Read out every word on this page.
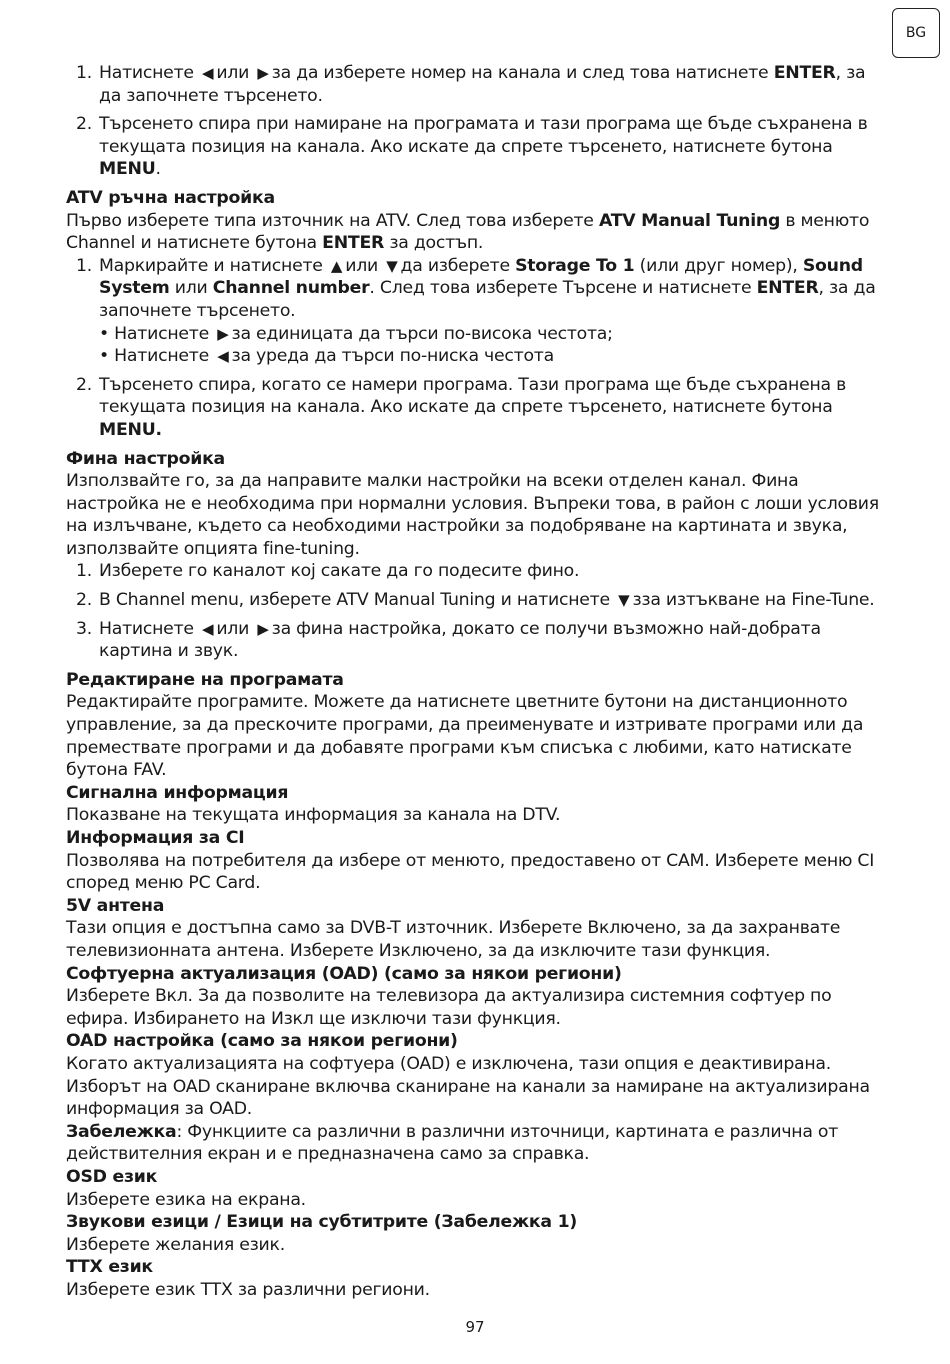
BG
1. Натиснете ◀ или ▶ за да изберете номер на канала и след това натиснете ENTER, за да започнете търсенето.
2. Търсенето спира при намиране на програмата и тази програма ще бъде съхранена в текущата позиция на канала. Ако искате да спрете търсенето, натиснете бутона MENU.

ATV ръчна настройка

Първо изберете типа източник на ATV. След това изберете ATV Manual Tuning в менюто Channel и натиснете бутона ENTER за достъп.

1. Маркирайте и натиснете ▲ или ▼ да изберете Storage To 1 (или друг номер), Sound System или Channel number. След това изберете Търсене и натиснете ENTER, за да започнете търсенето.
• Натиснете ▶ за единицата да търси по-висока честота;
• Натиснете ◀ за уреда да търси по-ниска честота
2. Търсенето спира, когато се намери програма. Тази програма ще бъде съхранена в текущата позиция на канала. Ако искате да спрете търсенето, натиснете бутона MENU.

Фина настройка

Използвайте го, за да направите малки настройки на всеки отделен канал. Фина настройка не е необходима при нормални условия. Въпреки това, в район с лоши условия на излъчване, където са необходими настройки за подобряване на картината и звука, използвайте опцията fine-tuning.

1. Изберете го каналот кој сакате да го подесите фино.
2. В Channel menu, изберете ATV Manual Tuning и натиснете ▼ зза изтъкване на Fine-Tune.
3. Натиснете ◀ или ▶ за фина настройка, докато се получи възможно най-добрата картина и звук.

Редактиране на програмата

Редактирайте програмите. Можете да натиснете цветните бутони на дистанционното управление, за да прескочите програми, да преименувате и изтривате програми или да премествате програми и да добавяте програми към списъка с любими, като натискате бутона FAV.

Сигнална информация

Показване на текущата информация за канала на DTV.

Информация за CI

Позволява на потребителя да избере от менюто, предоставено от CAM. Изберете меню CI според меню PC Card.

5V антена

Тази опция е достъпна само за DVB-T източник. Изберете Включено, за да захранвате телевизионната антена. Изберете Изключено, за да изключите тази функция.

Софтуерна актуализация (OAD) (само за някои региони)

Изберете Вкл. За да позволите на телевизора да актуализира системния софтуер по ефира. Избирането на Изкл ще изключи тази функция.

OAD настройка (само за някои региони)

Когато актуализацията на софтуера (OAD) е изключена, тази опция е деактивирана. Изборът на OAD сканиране включва сканиране на канали за намиране на актуализирана информация за OAD.

Забележка: Функциите са различни в различни източници, картината е различна от действителния екран и е предназначена само за справка.

OSD език

Изберете езика на екрана.

Звукови езици / Езици на субтитрите (Забележка 1)

Изберете желания език.

TTX език

Изберете език TTX за различни региони.

97
